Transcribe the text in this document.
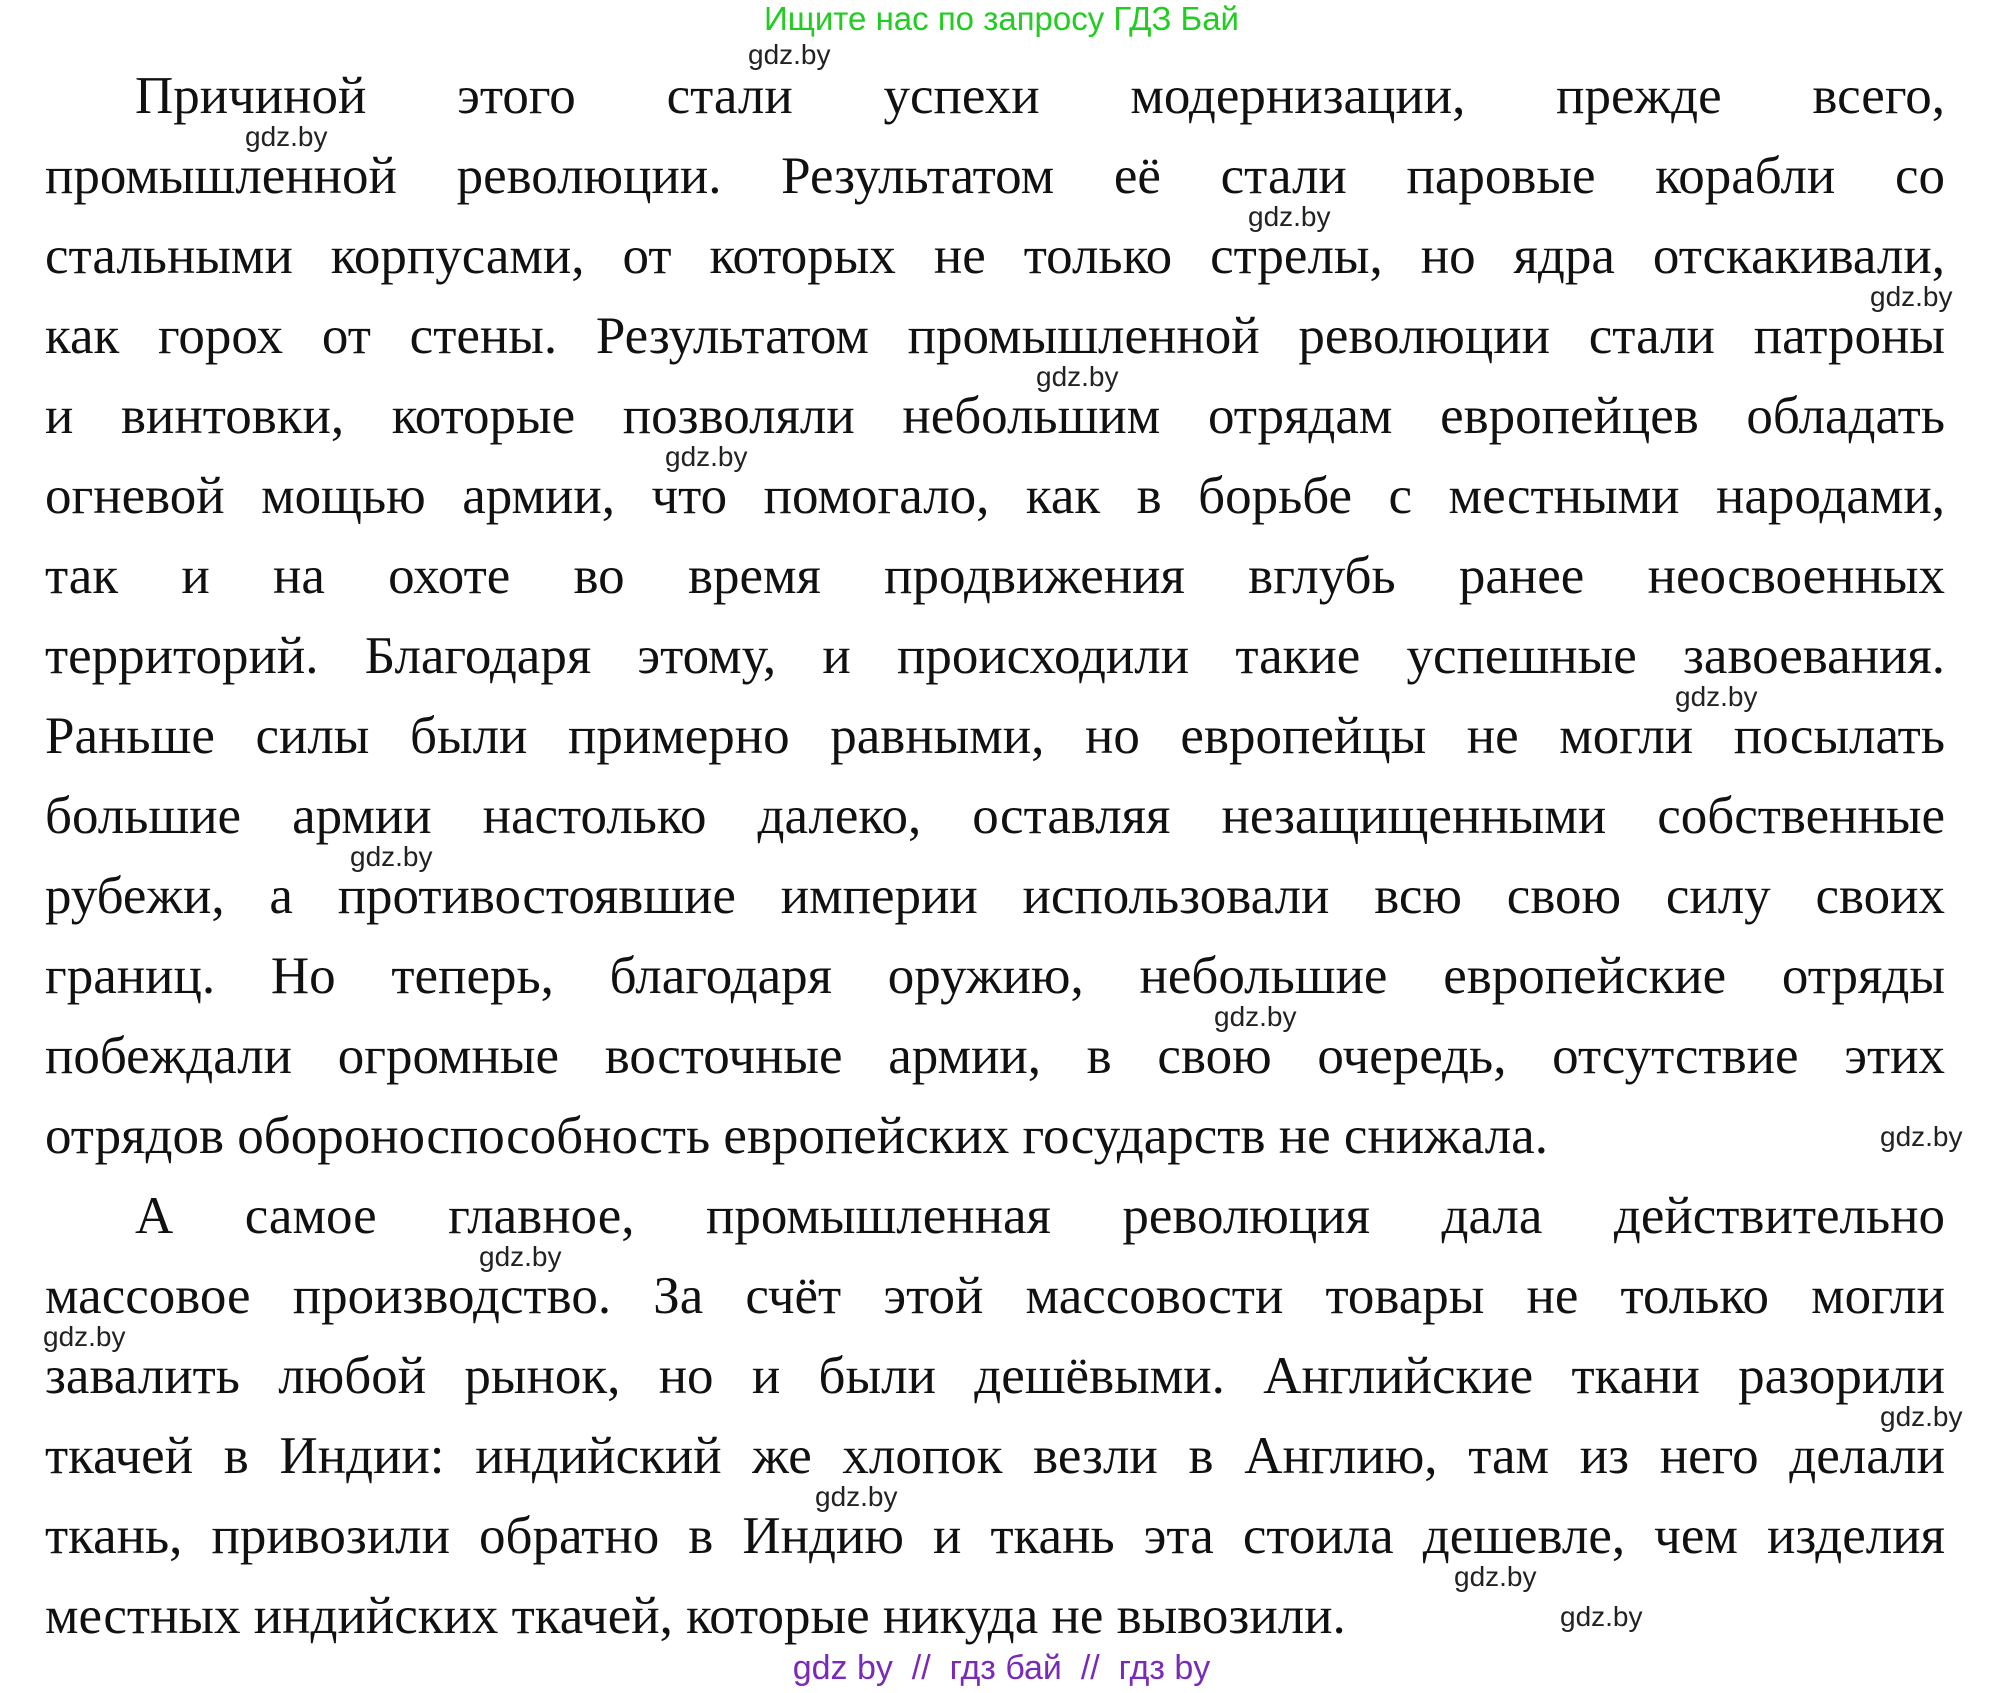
Ищите нас по запросу ГДЗ Бай
Причиной этого стали успехи модернизации, прежде всего,
промышленной революции. Результатом её стали паровые корабли со
стальными корпусами, от которых не только стрелы, но ядра отскакивали,
как горох от стены. Результатом промышленной революции стали патроны
и винтовки, которые позволяли небольшим отрядам европейцев обладать
огневой мощью армии, что помогало, как в борьбе с местными народами,
так и на охоте во время продвижения вглубь ранее неосвоенных
территорий. Благодаря этому, и происходили такие успешные завоевания.
Раньше силы были примерно равными, но европейцы не могли посылать
большие армии настолько далеко, оставляя незащищенными собственные
рубежи, а противостоявшие империи использовали всю свою силу своих
границ. Но теперь, благодаря оружию, небольшие европейские отряды
побеждали огромные восточные армии, в свою очередь, отсутствие этих
отрядов обороноспособность европейских государств не снижала.
А самое главное, промышленная революция дала действительно
массовое производство. За счёт этой массовости товары не только могли
завалить любой рынок, но и были дешёвыми. Английские ткани разорили
ткачей в Индии: индийский же хлопок везли в Англию, там из него делали
ткань, привозили обратно в Индию и ткань эта стоила дешевле, чем изделия
местных индийских ткачей, которые никуда не вывозили.
gdz.by
gdz.by
gdz.by
gdz.by
gdz.by
gdz.by
gdz.by
gdz.by
gdz.by
gdz.by
gdz.by
gdz.by
gdz.by
gdz.by
gdz.by
gdz.by
gdz by  //  гдз бай  //  гдз by
